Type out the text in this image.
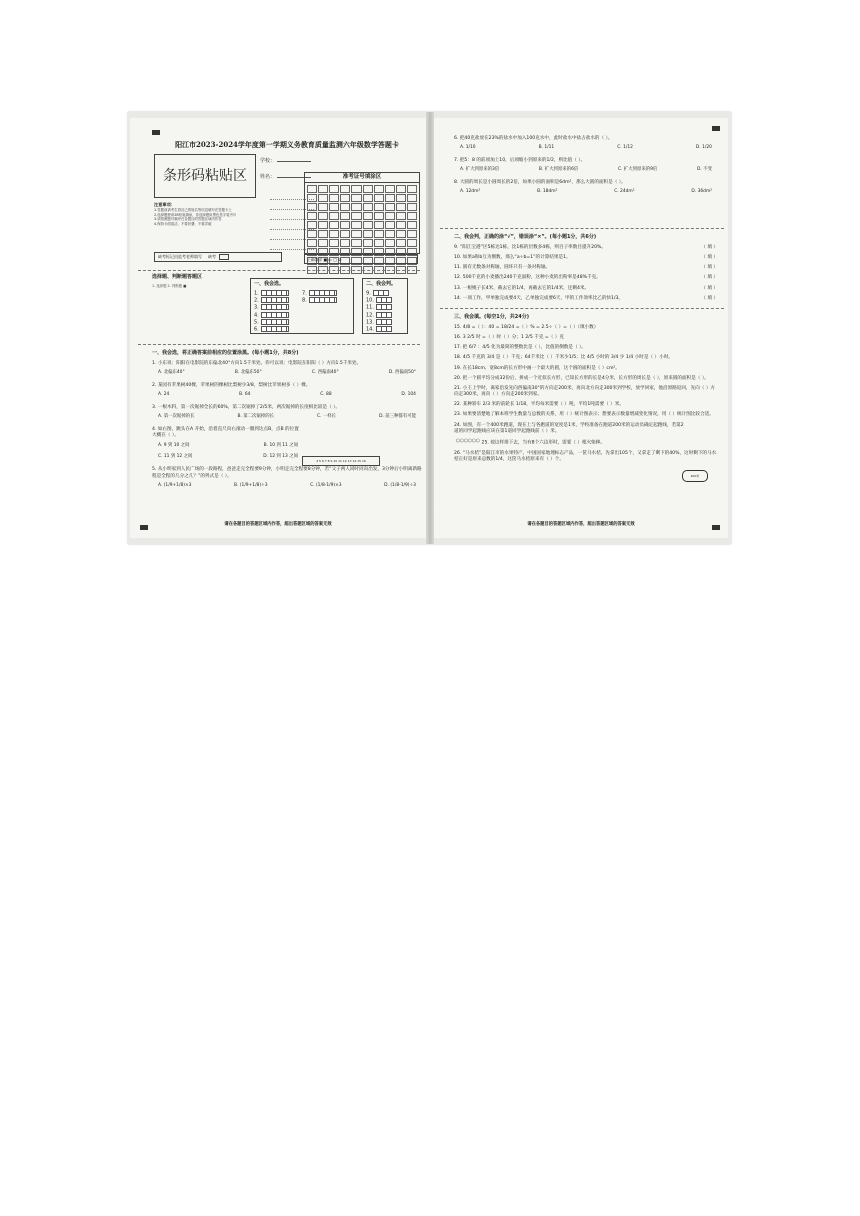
阳江市2023-2024学年度第一学期义务教育质量监测六年级数学答题卡
条形码粘贴区
学校：
姓名：	准考证号填涂区
正确填涂 ■ ▭ ◯ ⊘
注意事项：
1.答题前请考生将自己的姓名等信息填写在答题卡上
2.选择题使用2B铅笔填涂，非选择题用黑色签字笔书写
3.请按照题号顺序在各题目的答题区域内作答
4.保持卡面清洁，不要折叠、不要弄破
缺考标记由监考老师填写 缺考
选择题、判断题答题区
1. 选择题 2. 判断题 ■	一、我会选。
1.
2.
3.
4.
5.
6.
7.
8.
二、我会判。
9.
10.
11.
12.
13.
14.
一、我会选，将正确答案前相应的位置涂黑。(每小题1分，共8分)
1. 小东说：阳阳在电影院的东偏北40°方向1.5千米处。你可以说：电影院在阳阳（ ）方向1.5千米处。
A. 北偏东40°	B. 北偏东50°	C. 西偏南40°	D. 西偏南50°
2. 某园有苹果树40棵，苹果树的棵树比梨树少3/8，梨树比苹果树多（ ）棵。
A. 24	B. 64	C. 88	D. 104
3. 一根木料，第一次锯掉全长的60%，第二次锯掉了2/5米，两次锯掉的长度相比较是（ ）。
A. 第一次锯掉的长	B. 第二次锯掉的长	C. 一样长	D. 前三种都有可能
4. 如右图，跳头在A 开始，沿着直尺向右滚动一圈到达点B，点B 的位置大概在（ ）。
A. 9 到 10 之间	B. 10 到 11 之间
C. 11 到 12 之间	D. 12 到 13 之间
5. 从小明家到人民广场的一段路程，爸爸走完全程要9分钟，小明走完全程要8分钟，若“父子两人同时同向出发，3分钟后小明离新路程是全程的几分之几？”的列式是（ ）。
A. (1/9+1/8)×3	B. (1/9+1/8)÷3	C. (1/8-1/9)×3	D. (1/8-1/9)÷3
4 5 6 7 8 9 10 11 12 13 14 15 16
请在各题目的答题区域内作答，超出答题区域的答案无效
6. 把40克盐放在23%的盐水中加入100克水中，此时盐水中盐占盐水的（ ）。
A. 1/10	B. 1/11	C. 1/12	D. 1/20
7. 把5：8 的前项加上10，后项缩小到原来的1/2，则比值（ ）。
A. 扩大到原来的3倍	B. 扩大到原来的6倍	C. 扩大到原来的9倍	D. 不变
8. 大圆的周长是小圆周长的2倍，如果小圆的面积是6dm²，那么大圆的面积是（ ）。
A. 12dm²	B. 18dm²	C. 24dm²	D. 36dm²
二、我会判，正确的涂“√”，错误涂“×”。(每小题1分，共6分)
9. “阳江宝港”区5栋达1栋，比1栋的层数多4栋，则百子率数目提升20%。	（ 填 ）
10. 如果a和b互为倒数，那么“a÷b=1”的计算结果是1。	（ 填 ）
11. 圆有无数条对称轴，圆环只有一条对称轴。	（ 填 ）
12. 500千克的小麦播出240千克面粉，这种小麦的出粉率是48%千克。	（ 填 ）
13. 一根绳子长4米，截去它的1/4，再截去它的1/4米，还剩4米。	（ 填 ）
14. 一项工作，甲单独完成要4天，乙单独完成要6天，甲的工作效率比乙的快1/3。	（ 填 ）
三、我会填。(每空1分，共24分)
15. 4/8 =（ ）：40 = 18/24 =（ ）% = 2.5÷（ ）=（ ）（填小数）
16. 3 2/5 时 =（ ）时（ ）分；1 2/5 千克 =（ ）克
17. 把 6/7 ：4/5 化为最简的整数比是（ ），比值的倒数是（ ）。
18. 4/5 千克的 3/4 是（ ）千克；64千米比（ ）千米少1/5；比 4/5 小时的 3/4 少 1/4 小时是（ ）小时。
19. 在长18cm、宽8cm的长方形中画一个最大的圆，这个圆的面积是（ ）cm²。
20. 把一个圆平均分成32份后，拼成一个近似长方形，已知长方形的长是4分米，长方形的周长是（ ），原来圆的面积是（ ）。
21. 小王上学时，离家沿发先向西偏南30°的方向走200米，再向北方向走300米到学校，放学回家，他沿原路返回，先向（ ）方向走300米，再向（ ）方向走200米到家。
22. 某种轿车 2/3 米的前轮长 1/18，平均每米需要（ ）吨，平均1吨需要（ ）米。
23. 如果要清楚地了解本班学生数量与总数的关系，用（ ）统计图表示；想要表示数量增减变化情况，用（ ）统计图比较合适。
24. 如图，有一个400米跑道，现在上与各跑道的宽度是1米，学校准备在跑道200米的运动员确定起跑线，若第2道的同学起跑线应该在第1道同学起跑线前（ ）米。
⬡⬡⬡⬡⬡⬡ 25. 按这样排下去，当有8个六边形时，需要（ ）根火柴棒。
26. “马水桔”是阳江市的水果特产，中国国家地理标志产品，一筐马水桔，先拿出105个，又拿走了剩下的40%，这时剩下的马水桔正好是原来总数的1/4，这筐马水桔原来有（ ）个。
400米
请在各题目的答题区域内作答，超出答题区域的答案无效
